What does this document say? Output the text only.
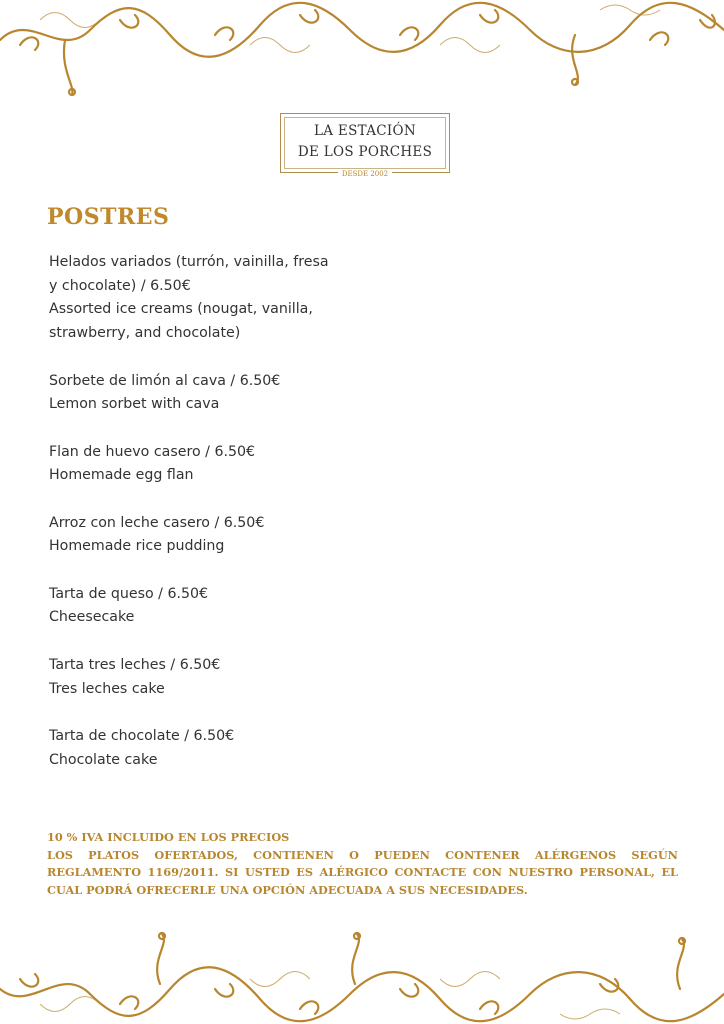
LA ESTACIÓN
DE LOS PORCHES
DESDE 2002
POSTRES
Helados variados (turrón, vainilla, fresa y chocolate) / 6.50€
Assorted ice creams (nougat, vanilla, strawberry, and chocolate)
Sorbete de limón al cava / 6.50€
Lemon sorbet with cava
Flan de huevo casero / 6.50€
Homemade egg flan
Arroz con leche casero / 6.50€
Homemade rice pudding
Tarta de queso / 6.50€
Cheesecake
Tarta tres leches / 6.50€
Tres leches cake
Tarta de chocolate / 6.50€
Chocolate cake
10 % IVA INCLUIDO EN LOS PRECIOS
LOS PLATOS OFERTADOS, CONTIENEN O PUEDEN CONTENER ALÉRGENOS SEGÚN REGLAMENTO 1169/2011. SI USTED ES ALÉRGICO CONTACTE CON NUESTRO PERSONAL, EL CUAL PODRÁ OFRECERLE UNA OPCIÓN ADECUADA A SUS NECESIDADES.
